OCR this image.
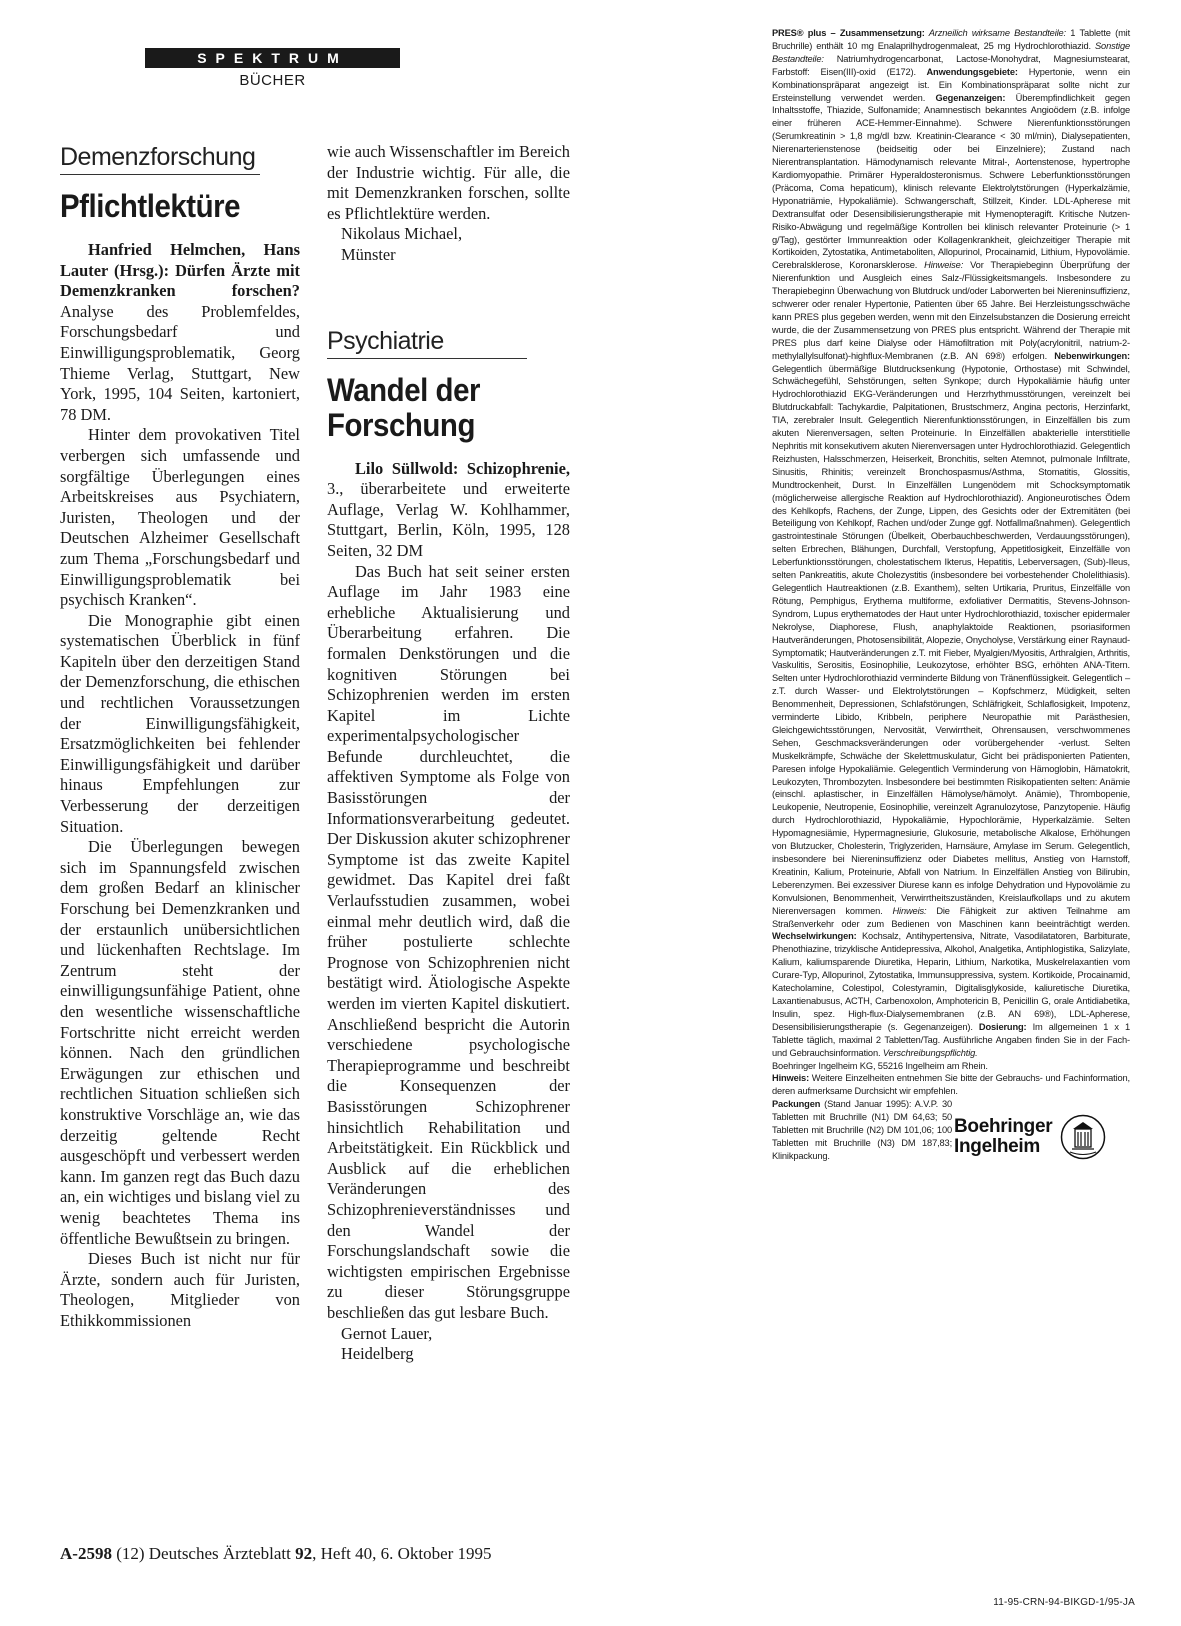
SPEKTRUM
BÜCHER
Demenzforschung
Pflichtlektüre

Hanfried Helmchen, Hans Lauter (Hrsg.): Dürfen Ärzte mit Demenzkranken forschen? Analyse des Problemfeldes, Forschungsbedarf und Einwilligungsproblematik, Georg Thieme Verlag, Stuttgart, New York, 1995, 104 Seiten, kartoniert, 78 DM.

Hinter dem provokativen Titel verbergen sich umfassende und sorgfältige Überlegungen eines Arbeitskreises aus Psychiatern, Juristen, Theologen und der Deutschen Alzheimer Gesellschaft zum Thema „Forschungsbedarf und Einwilligungsproblematik bei psychisch Kranken“.

Die Monographie gibt einen systematischen Überblick in fünf Kapiteln über den derzeitigen Stand der Demenzforschung, die ethischen und rechtlichen Voraussetzungen der Einwilligungsfähigkeit, Ersatzmöglichkeiten bei fehlender Einwilligungsfähigkeit und darüber hinaus Empfehlungen zur Verbesserung der derzeitigen Situation.

Die Überlegungen bewegen sich im Spannungsfeld zwischen dem großen Bedarf an klinischer Forschung bei Demenzkranken und der erstaunlich unübersichtlichen und lückenhaften Rechtslage. Im Zentrum steht der einwilligungsunfähige Patient, ohne den wesentliche wissenschaftliche Fortschritte nicht erreicht werden können. Nach den gründlichen Erwägungen zur ethischen und rechtlichen Situation schließen sich konstruktive Vorschläge an, wie das derzeitig geltende Recht ausgeschöpft und verbessert werden kann. Im ganzen regt das Buch dazu an, ein wichtiges und bislang viel zu wenig beachtetes Thema ins öffentliche Bewußtsein zu bringen.

Dieses Buch ist nicht nur für Ärzte, sondern auch für Juristen, Theologen, Mitglieder von Ethikkommissionen

wie auch Wissenschaftler im Bereich der Industrie wichtig. Für alle, die mit Demenzkranken forschen, sollte es Pflichtlektüre werden.

Nikolaus Michael,

Münster

Psychiatrie
Wandel der
Forschung

Lilo Süllwold: Schizophrenie, 3., überarbeitete und erweiterte Auflage, Verlag W. Kohlhammer, Stuttgart, Berlin, Köln, 1995, 128 Seiten, 32 DM

Das Buch hat seit seiner ersten Auflage im Jahr 1983 eine erhebliche Aktualisierung und Überarbeitung erfahren. Die formalen Denkstörungen und die kognitiven Störungen bei Schizophrenien werden im ersten Kapitel im Lichte experimentalpsychologischer Befunde durchleuchtet, die affektiven Symptome als Folge von Basisstörungen der Informationsverarbeitung gedeutet. Der Diskussion akuter schizophrener Symptome ist das zweite Kapitel gewidmet. Das Kapitel drei faßt Verlaufsstudien zusammen, wobei einmal mehr deutlich wird, daß die früher postulierte schlechte Prognose von Schizophrenien nicht bestätigt wird. Ätiologische Aspekte werden im vierten Kapitel diskutiert. Anschließend bespricht die Autorin verschiedene psychologische Therapieprogramme und beschreibt die Konsequenzen der Basisstörungen Schizophrener hinsichtlich Rehabilitation und Arbeitstätigkeit. Ein Rückblick und Ausblick auf die erheblichen Veränderungen des Schizophrenieverständnisses und den Wandel der Forschungslandschaft sowie die wichtigsten empirischen Ergebnisse zu dieser Störungsgruppe beschließen das gut lesbare Buch.

Gernot Lauer,

Heidelberg

A-2598 (12) Deutsches Ärzteblatt 92, Heft 40, 6. Oktober 1995

PRES® plus – Zusammensetzung: Arzneilich wirksame Bestandteile: 1 Tablette (mit Bruchrille) enthält 10 mg Enalaprilhydrogenmaleat, 25 mg Hydrochlorothiazid. Sonstige Bestandteile: Natriumhydrogencarbonat, Lactose-Monohydrat, Magnesiumstearat, Farbstoff: Eisen(III)-oxid (E172). Anwendungsgebiete: Hypertonie, wenn ein Kombinationspräparat angezeigt ist. Ein Kombinationspräparat sollte nicht zur Ersteinstellung verwendet werden. Gegenanzeigen: Überempfindlichkeit gegen Inhaltsstoffe, Thiazide, Sulfonamide; Anamnestisch bekanntes Angioödem (z.B. infolge einer früheren ACE-Hemmer-Einnahme). Schwere Nierenfunktionsstörungen (Serumkreatinin > 1,8 mg/dl bzw. Kreatinin-Clearance < 30 ml/min), Dialysepatienten, Nierenarterienstenose (beidseitig oder bei Einzelniere); Zustand nach Nierentransplantation. Hämodynamisch relevante Mitral-, Aortenstenose, hypertrophe Kardiomyopathie. Primärer Hyperaldosteronismus. Schwere Leberfunktionsstörungen (Präcoma, Coma hepaticum), klinisch relevante Elektrolytstörungen (Hyperkalzämie, Hyponatriämie, Hypokaliämie). Schwangerschaft, Stillzeit, Kinder. LDL-Apherese mit Dextransulfat oder Desensibilisierungstherapie mit Hymenopteragift. Kritische Nutzen-Risiko-Abwägung und regelmäßige Kontrollen bei klinisch relevanter Proteinurie (> 1 g/Tag), gestörter Immunreaktion oder Kollagenkrankheit, gleichzeitiger Therapie mit Kortikoiden, Zytostatika, Antimetaboliten, Allopurinol, Procainamid, Lithium, Hypovolämie. Cerebralsklerose, Koronarsklerose. Hinweise: Vor Therapiebeginn Überprüfung der Nierenfunktion und Ausgleich eines Salz-/Flüssigkeitsmangels. Insbesondere zu Therapiebeginn Überwachung von Blutdruck und/oder Laborwerten bei Niereninsuffizienz, schwerer oder renaler Hypertonie, Patienten über 65 Jahre. Bei Herzleistungsschwäche kann PRES plus gegeben werden, wenn mit den Einzelsubstanzen die Dosierung erreicht wurde, die der Zusammensetzung von PRES plus entspricht. Während der Therapie mit PRES plus darf keine Dialyse oder Hämofiltration mit Poly(acrylonitril, natrium-2-methylallylsulfonat)-highflux-Membranen (z.B. AN 69®) erfolgen. Nebenwirkungen: Gelegentlich übermäßige Blutdrucksenkung (Hypotonie, Orthostase) mit Schwindel, Schwächegefühl, Sehstörungen, selten Synkope; durch Hypokaliämie häufig unter Hydrochlorothiazid EKG-Veränderungen und Herzrhythmusstörungen, vereinzelt bei Blutdruckabfall: Tachykardie, Palpitationen, Brustschmerz, Angina pectoris, Herzinfarkt, TIA, zerebraler Insult. Gelegentlich Nierenfunktionsstörungen, in Einzelfällen bis zum akuten Nierenversagen, selten Proteinurie. In Einzelfällen abakterielle interstitielle Nephritis mit konsekutivem akuten Nierenversagen unter Hydrochlorothiazid. Gelegentlich Reizhusten, Halsschmerzen, Heiserkeit, Bronchitis, selten Atemnot, pulmonale Infiltrate, Sinusitis, Rhinitis; vereinzelt Bronchospasmus/Asthma, Stomatitis, Glossitis, Mundtrockenheit, Durst. In Einzelfällen Lungenödem mit Schocksymptomatik (möglicherweise allergische Reaktion auf Hydrochlorothiazid). Angioneurotisches Ödem des Kehlkopfs, Rachens, der Zunge, Lippen, des Gesichts oder der Extremitäten (bei Beteiligung von Kehlkopf, Rachen und/oder Zunge ggf. Notfallmaßnahmen). Gelegentlich gastrointestinale Störungen (Übelkeit, Oberbauchbeschwerden, Verdauungsstörungen), selten Erbrechen, Blähungen, Durchfall, Verstopfung, Appetitlosigkeit, Einzelfälle von Leberfunktionsstörungen, cholestatischem Ikterus, Hepatitis, Leberversagen, (Sub)-Ileus, selten Pankreatitis, akute Cholezystitis (insbesondere bei vorbestehender Cholelithiasis). Gelegentlich Hautreaktionen (z.B. Exanthem), selten Urtikaria, Pruritus, Einzelfälle von Rötung, Pemphigus, Erythema multiforme, exfoliativer Dermatitis, Stevens-Johnson-Syndrom, Lupus erythematodes der Haut unter Hydrochlorothiazid, toxischer epidermaler Nekrolyse, Diaphorese, Flush, anaphylaktoide Reaktionen, psoriasiformen Hautveränderungen, Photosensibilität, Alopezie, Onycholyse, Verstärkung einer Raynaud-Symptomatik; Hautveränderungen z.T. mit Fieber, Myalgien/Myositis, Arthralgien, Arthritis, Vaskulitis, Serositis, Eosinophilie, Leukozytose, erhöhter BSG, erhöhten ANA-Titern. Selten unter Hydrochlorothiazid verminderte Bildung von Tränenflüssigkeit. Gelegentlich – z.T. durch Wasser- und Elektrolytstörungen – Kopfschmerz, Müdigkeit, selten Benommenheit, Depressionen, Schlafstörungen, Schläfrigkeit, Schlaflosigkeit, Impotenz, verminderte Libido, Kribbeln, periphere Neuropathie mit Parästhesien, Gleichgewichtsstörungen, Nervosität, Verwirrtheit, Ohrensausen, verschwommenes Sehen, Geschmacksveränderungen oder vorübergehender -verlust. Selten Muskelkrämpfe, Schwäche der Skelettmuskulatur, Gicht bei prädisponierten Patienten, Paresen infolge Hypokaliämie. Gelegentlich Verminderung von Hämoglobin, Hämatokrit, Leukozyten, Thrombozyten. Insbesondere bei bestimmten Risikopatienten selten: Anämie (einschl. aplastischer, in Einzelfällen Hämolyse/hämolyt. Anämie), Thrombopenie, Leukopenie, Neutropenie, Eosinophilie, vereinzelt Agranulozytose, Panzytopenie. Häufig durch Hydrochlorothiazid, Hypokaliämie, Hypochlorämie, Hyperkalzämie. Selten Hypomagnesiämie, Hypermagnesiurie, Glukosurie, metabolische Alkalose, Erhöhungen von Blutzucker, Cholesterin, Triglyzeriden, Harnsäure, Amylase im Serum. Gelegentlich, insbesondere bei Niereninsuffizienz oder Diabetes mellitus, Anstieg von Harnstoff, Kreatinin, Kalium, Proteinurie, Abfall von Natrium. In Einzelfällen Anstieg von Bilirubin, Leberenzymen. Bei exzessiver Diurese kann es infolge Dehydration und Hypovolämie zu Konvulsionen, Benommenheit, Verwirrtheitszuständen, Kreislaufkollaps und zu akutem Nierenversagen kommen. Hinweis: Die Fähigkeit zur aktiven Teilnahme am Straßenverkehr oder zum Bedienen von Maschinen kann beeinträchtigt werden. Wechselwirkungen: Kochsalz, Antihypertensiva, Nitrate, Vasodilatatoren, Barbiturate, Phenothiazine, trizyklische Antidepressiva, Alkohol, Analgetika, Antiphlogistika, Salizylate, Kalium, kaliumsparende Diuretika, Heparin, Lithium, Narkotika, Muskelrelaxantien vom Curare-Typ, Allopurinol, Zytostatika, Immunsuppressiva, system. Kortikoide, Procainamid, Katecholamine, Colestipol, Colestyramin, Digitalisglykoside, kaliuretische Diuretika, Laxantienabusus, ACTH, Carbenoxolon, Amphotericin B, Penicillin G, orale Antidiabetika, Insulin, spez. High-flux-Dialysemembranen (z.B. AN 69®), LDL-Apherese, Desensibilisierungstherapie (s. Gegenanzeigen). Dosierung: Im allgemeinen 1 x 1 Tablette täglich, maximal 2 Tabletten/Tag. Ausführliche Angaben finden Sie in der Fach- und Gebrauchsinformation. Verschreibungspflichtig.

Boehringer Ingelheim KG, 55216 Ingelheim am Rhein.

Hinweis: Weitere Einzelheiten entnehmen Sie bitte der Gebrauchs- und Fachinformation, deren aufmerksame Durchsicht wir empfehlen.

Packungen (Stand Januar 1995): A.V.P. 30 Tabletten mit Bruchrille (N1) DM 64,63; 50 Tabletten mit Bruchrille (N2) DM 101,06; 100 Tabletten mit Bruchrille (N3) DM 187,83; Klinikpackung.

Boehringer
Ingelheim
11-95-CRN-94-BIKGD-1/95-JA
